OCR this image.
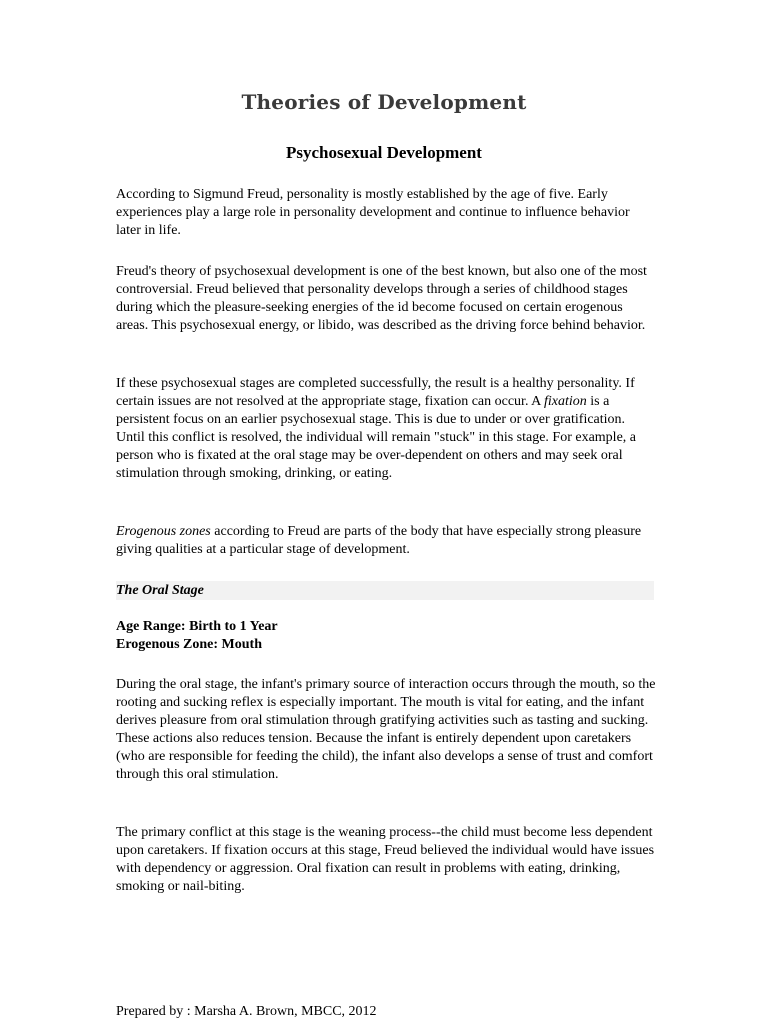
Theories of Development
Psychosexual Development

According to Sigmund Freud, personality is mostly established by the age of five. Early experiences play a large role in personality development and continue to influence behavior later in life.

Freud's theory of psychosexual development is one of the best known, but also one of the most controversial. Freud believed that personality develops through a series of childhood stages during which the pleasure-seeking energies of the id become focused on certain erogenous areas. This psychosexual energy, or libido, was described as the driving force behind behavior.

If these psychosexual stages are completed successfully, the result is a healthy personality. If certain issues are not resolved at the appropriate stage, fixation can occur. A fixation is a persistent focus on an earlier psychosexual stage. This is due to under or over gratification. Until this conflict is resolved, the individual will remain "stuck" in this stage. For example, a person who is fixated at the oral stage may be over-dependent on others and may seek oral stimulation through smoking, drinking, or eating.

Erogenous zones according to Freud are parts of the body that have especially strong pleasure giving qualities at a particular stage of development.

The Oral Stage
Age Range: Birth to 1 Year
Erogenous Zone: Mouth

During the oral stage, the infant's primary source of interaction occurs through the mouth, so the rooting and sucking reflex is especially important. The mouth is vital for eating, and the infant derives pleasure from oral stimulation through gratifying activities such as tasting and sucking. These actions also reduces tension. Because the infant is entirely dependent upon caretakers (who are responsible for feeding the child), the infant also develops a sense of trust and comfort through this oral stimulation.

The primary conflict at this stage is the weaning process--the child must become less dependent upon caretakers. If fixation occurs at this stage, Freud believed the individual would have issues with dependency or aggression. Oral fixation can result in problems with eating, drinking, smoking or nail-biting.

Prepared by : Marsha A. Brown, MBCC, 2012
